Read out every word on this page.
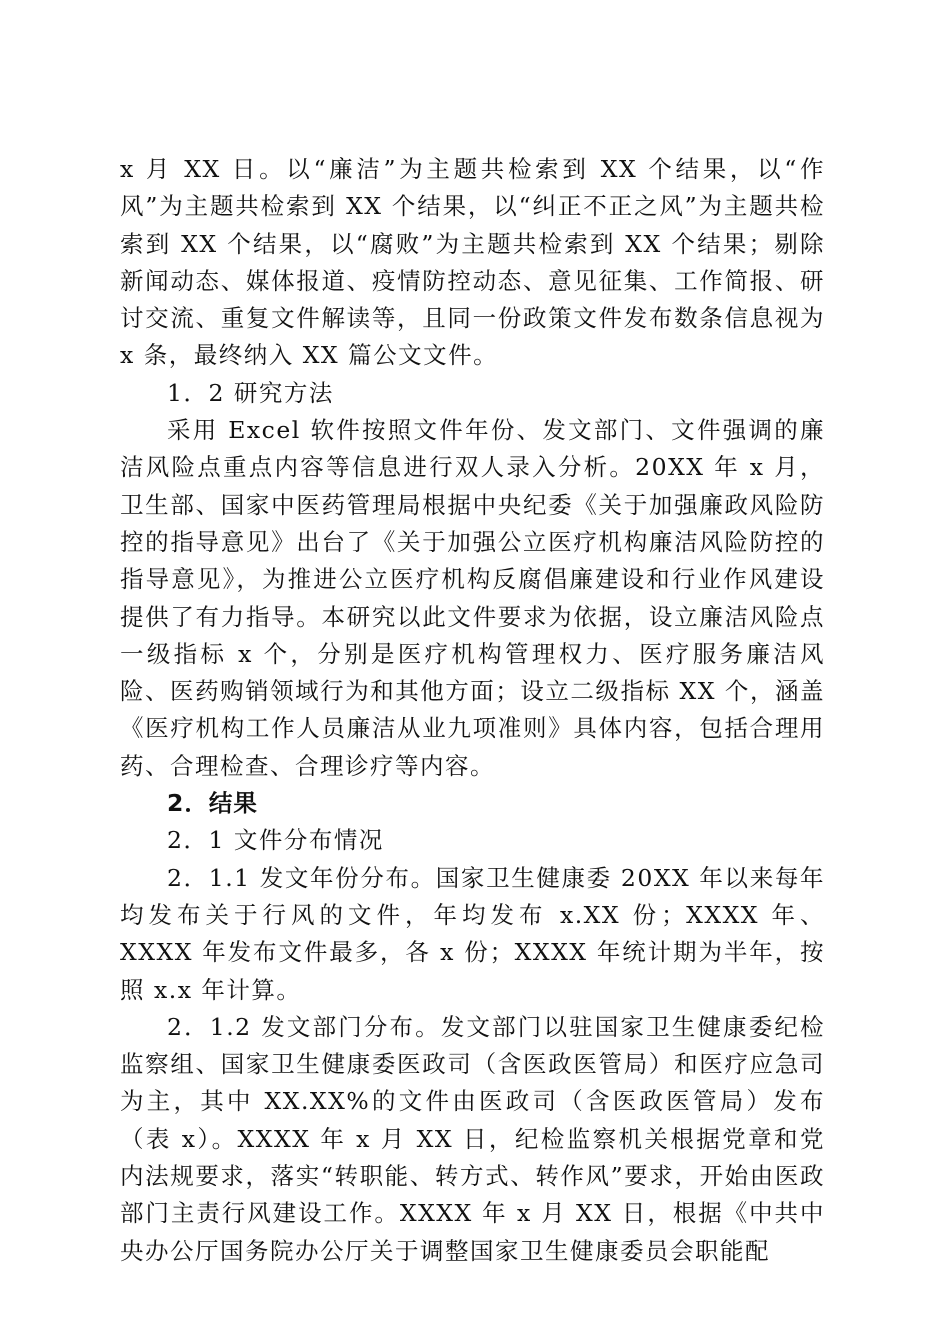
x 月 XX 日。以“廉洁”为主题共检索到 XX 个结果，以“作风”为主题共检索到 XX 个结果，以“纠正不正之风”为主题共检索到 XX 个结果，以“腐败”为主题共检索到 XX 个结果；剔除新闻动态、媒体报道、疫情防控动态、意见征集、工作简报、研讨交流、重复文件解读等，且同一份政策文件发布数条信息视为 x 条，最终纳入 XX 篇公文文件。

1．2 研究方法

采用 Excel 软件按照文件年份、发文部门、文件强调的廉洁风险点重点内容等信息进行双人录入分析。20XX 年 x 月，卫生部、国家中医药管理局根据中央纪委《关于加强廉政风险防控的指导意见》出台了《关于加强公立医疗机构廉洁风险防控的指导意见》，为推进公立医疗机构反腐倡廉建设和行业作风建设提供了有力指导。本研究以此文件要求为依据，设立廉洁风险点一级指标 x 个，分别是医疗机构管理权力、医疗服务廉洁风险、医药购销领域行为和其他方面；设立二级指标 XX 个，涵盖《医疗机构工作人员廉洁从业九项准则》具体内容，包括合理用药、合理检查、合理诊疗等内容。

2．结果

2．1 文件分布情况

2．1.1 发文年份分布。国家卫生健康委 20XX 年以来每年均发布关于行风的文件，年均发布 x.XX 份；XXXX 年、XXXX 年发布文件最多，各 x 份；XXXX 年统计期为半年，按照 x.x 年计算。

2．1.2 发文部门分布。发文部门以驻国家卫生健康委纪检监察组、国家卫生健康委医政司（含医政医管局）和医疗应急司为主，其中 XX.XX%的文件由医政司（含医政医管局）发布（表 x）。XXXX 年 x 月 XX 日，纪检监察机关根据党章和党内法规要求，落实“转职能、转方式、转作风”要求，开始由医政部门主责行风建设工作。XXXX 年 x 月 XX 日，根据《中共中央办公厅国务院办公厅关于调整国家卫生健康委员会职能配
